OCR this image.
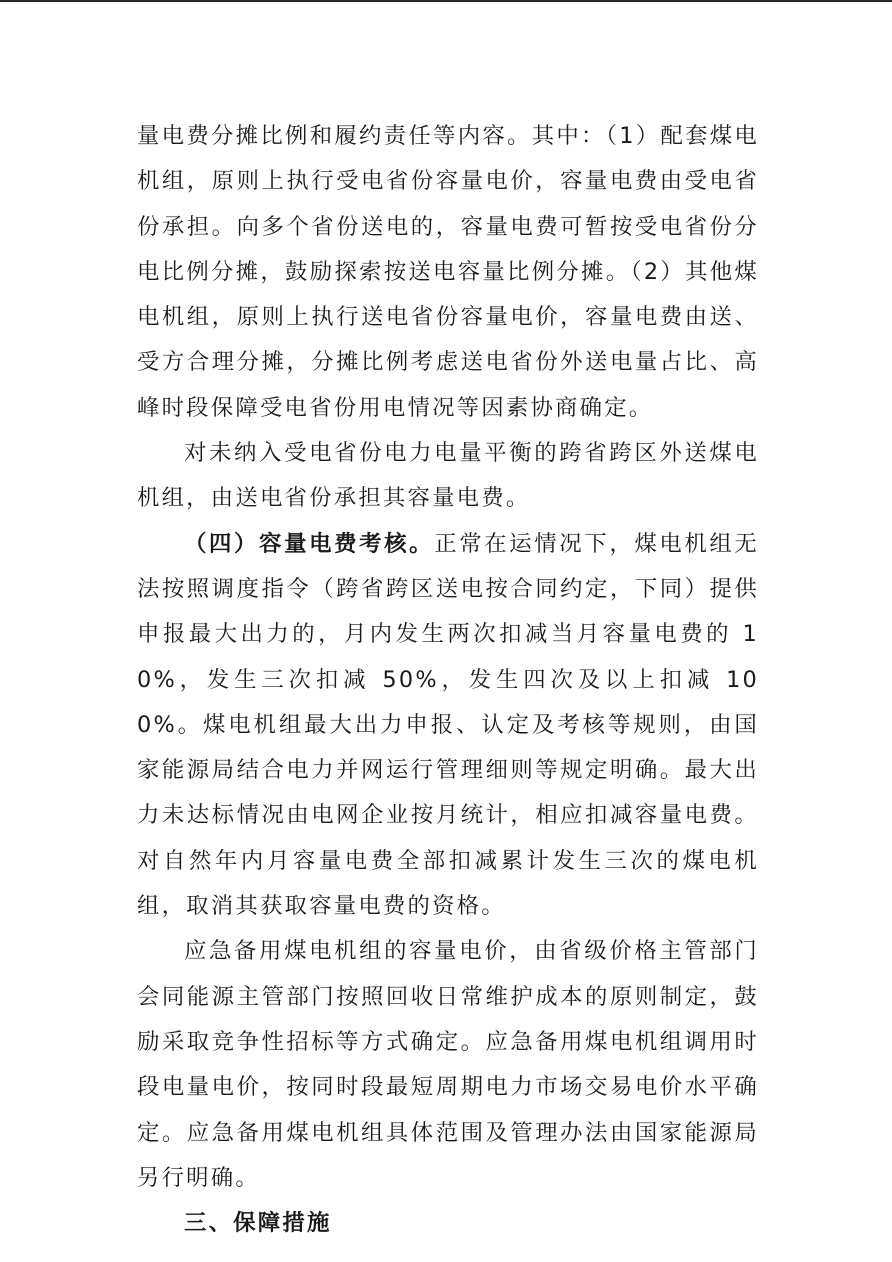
量电费分摊比例和履约责任等内容。其中：（1）配套煤电机组，原则上执行受电省份容量电价，容量电费由受电省份承担。向多个省份送电的，容量电费可暂按受电省份分电比例分摊，鼓励探索按送电容量比例分摊。（2）其他煤电机组，原则上执行送电省份容量电价，容量电费由送、受方合理分摊，分摊比例考虑送电省份外送电量占比、高峰时段保障受电省份用电情况等因素协商确定。

对未纳入受电省份电力电量平衡的跨省跨区外送煤电机组，由送电省份承担其容量电费。

（四）容量电费考核。正常在运情况下，煤电机组无法按照调度指令（跨省跨区送电按合同约定，下同）提供申报最大出力的，月内发生两次扣减当月容量电费的 10%，发生三次扣减 50%，发生四次及以上扣减 100%。煤电机组最大出力申报、认定及考核等规则，由国家能源局结合电力并网运行管理细则等规定明确。最大出力未达标情况由电网企业按月统计，相应扣减容量电费。对自然年内月容量电费全部扣减累计发生三次的煤电机组，取消其获取容量电费的资格。

应急备用煤电机组的容量电价，由省级价格主管部门会同能源主管部门按照回收日常维护成本的原则制定，鼓励采取竞争性招标等方式确定。应急备用煤电机组调用时段电量电价，按同时段最短周期电力市场交易电价水平确定。应急备用煤电机组具体范围及管理办法由国家能源局另行明确。

三、保障措施
